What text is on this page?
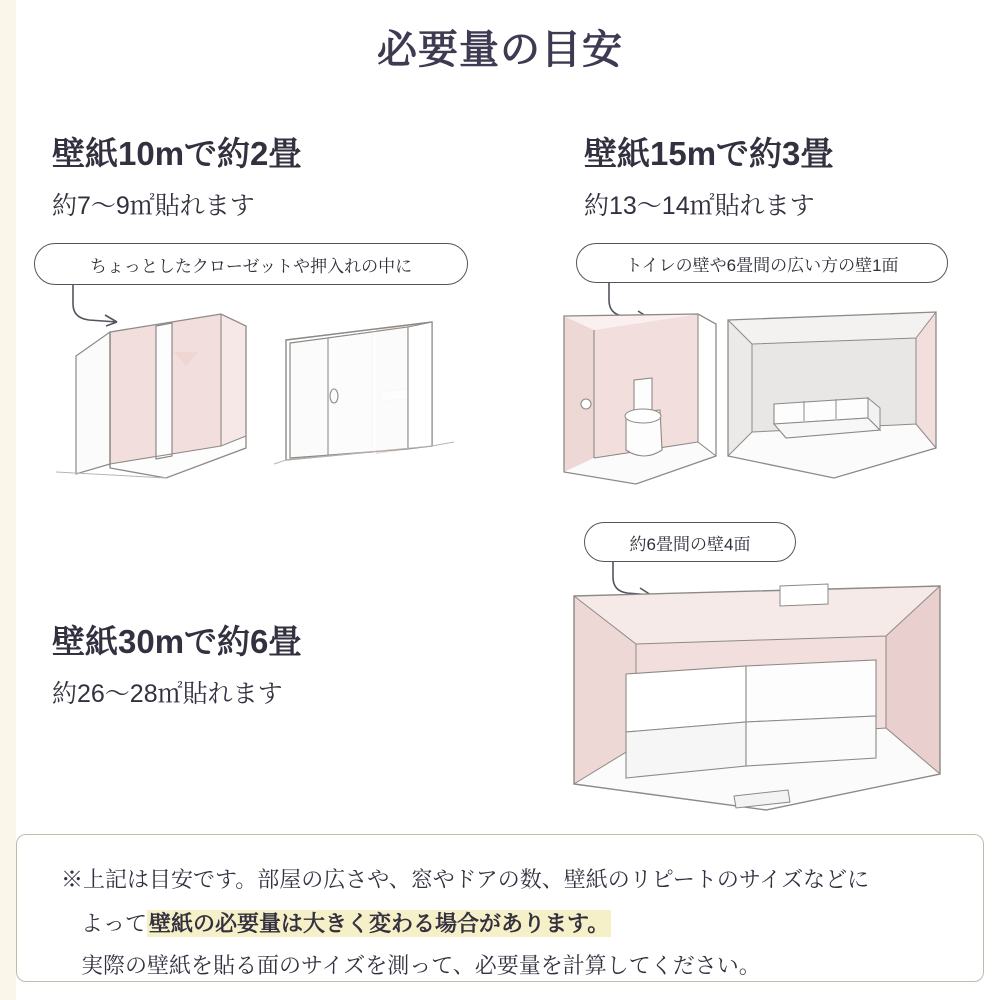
必要量の目安
壁紙10mで約2畳
約7〜9㎡貼れます
ちょっとしたクローゼットや押入れの中に
壁紙15mで約3畳
約13〜14㎡貼れます
トイレの壁や6畳間の広い方の壁1面
壁紙30mで約6畳
約26〜28㎡貼れます
約6畳間の壁4面
※上記は目安です。部屋の広さや、窓やドアの数、壁紙のリピートのサイズなどに
よって壁紙の必要量は大きく変わる場合があります。
実際の壁紙を貼る面のサイズを測って、必要量を計算してください。
